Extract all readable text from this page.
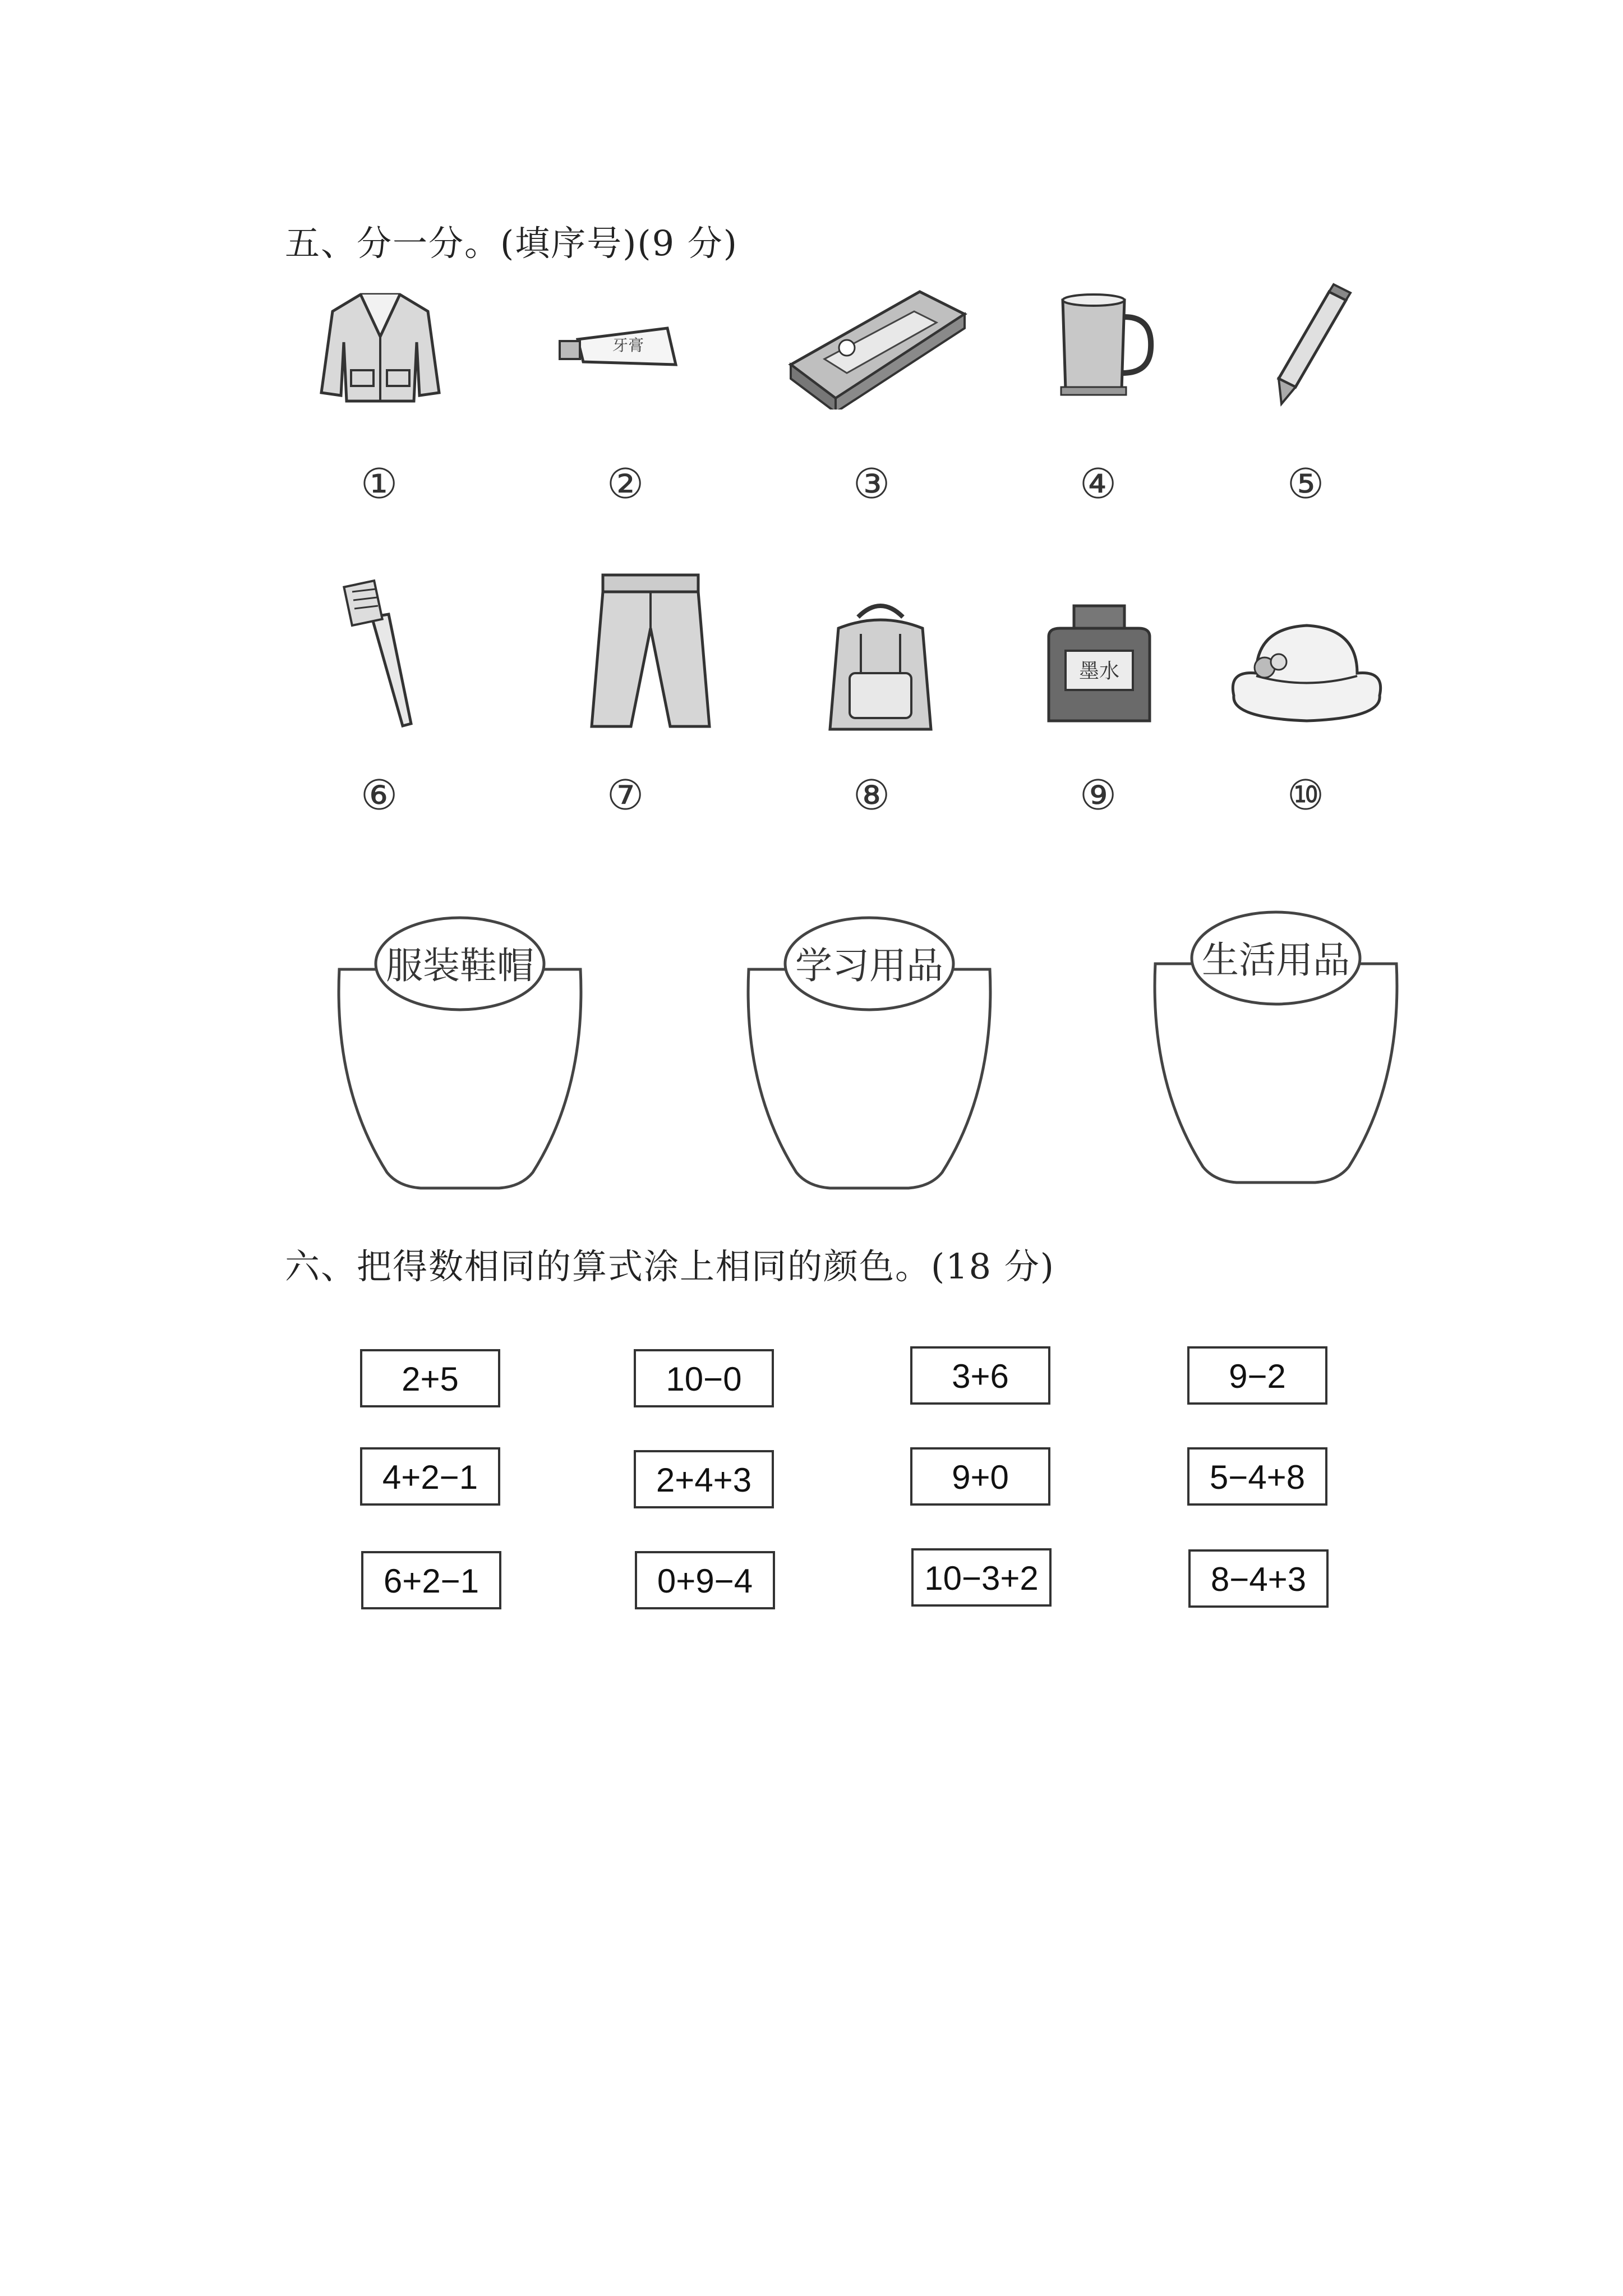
五、分一分。(填序号)(9 分)
牙膏
①	②	③	④	⑤
墨水
⑥	⑦	⑧	⑨	⑩
服装鞋帽	学习用品	生活用品
六、把得数相同的算式涂上相同的颜色。(18 分)
2+5	10−0	3+6	9−2
4+2−1	2+4+3	9+0	5−4+8
6+2−1	0+9−4	10−3+2	8−4+3
